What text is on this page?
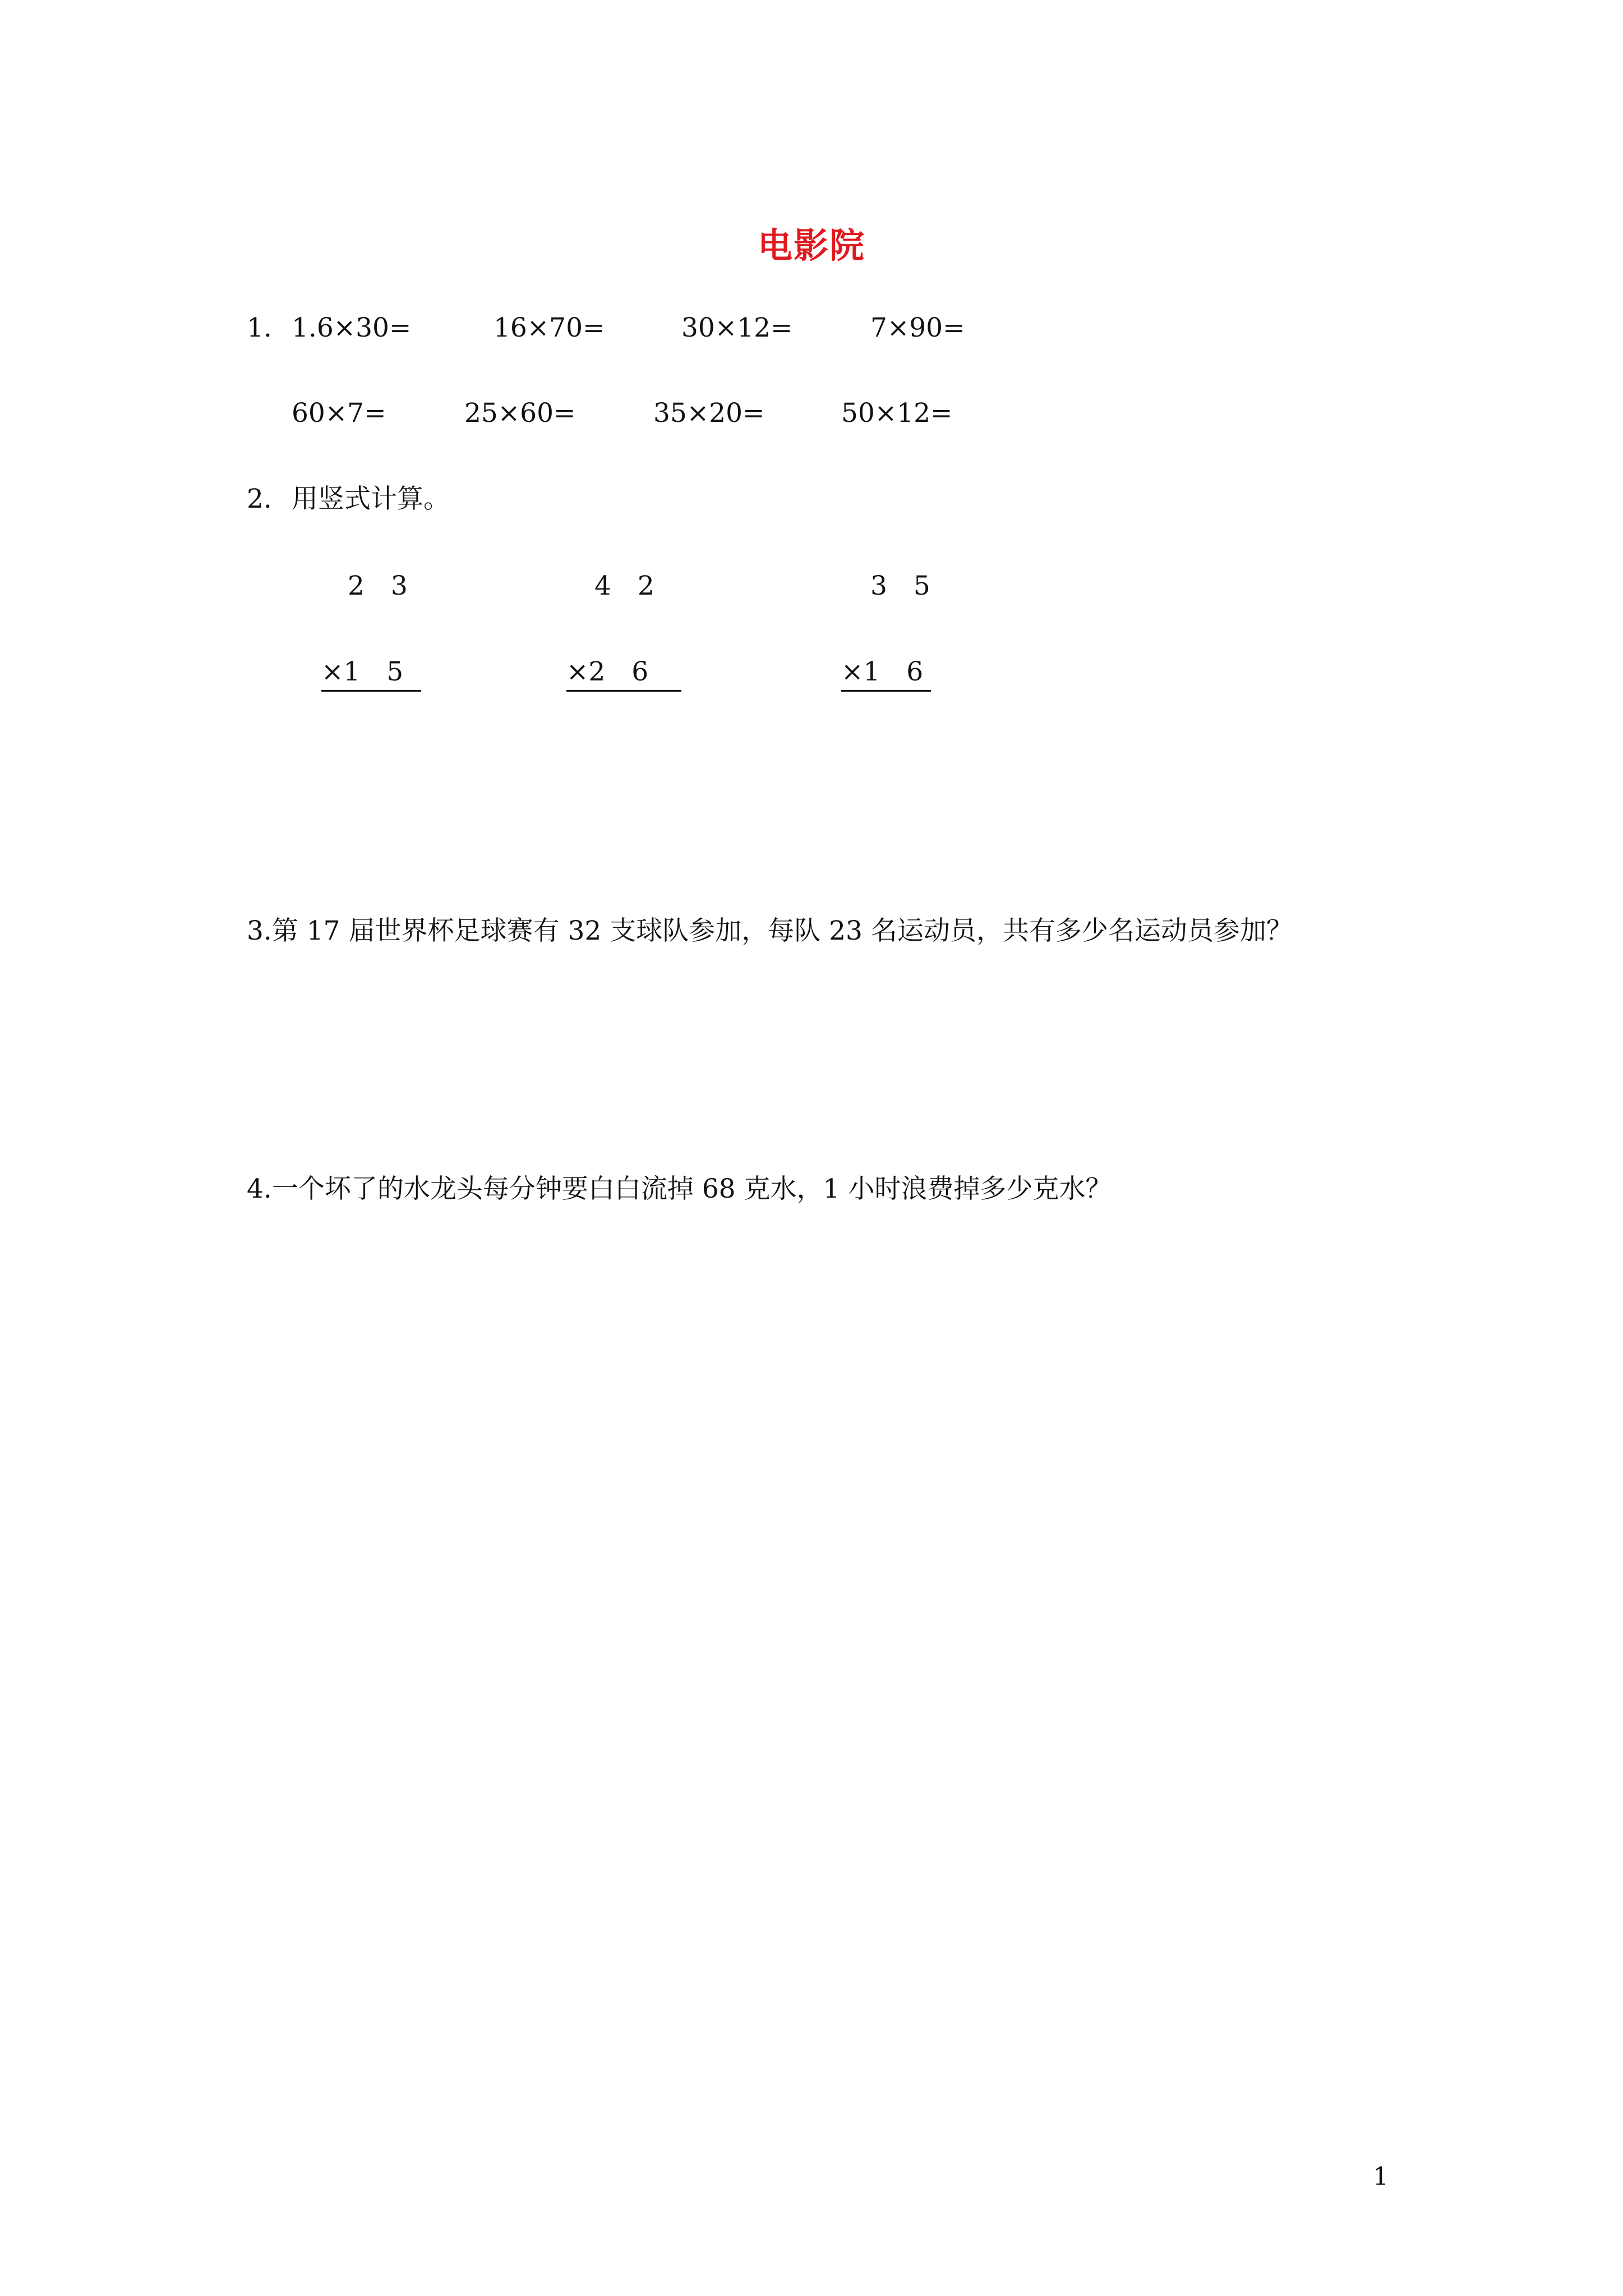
电影院
1. 1.6×30=	16×70=	30×12=	7×90=
60×7=	25×60=	35×20=	50×12=
2. 用竖式计算。
2　3
×1　5
4　2
×2　6
3　5
×1　6
3.第 17 届世界杯足球赛有 32 支球队参加，每队 23 名运动员，共有多少名运动员参加？
4.一个坏了的水龙头每分钟要白白流掉 68 克水，1 小时浪费掉多少克水？
1
